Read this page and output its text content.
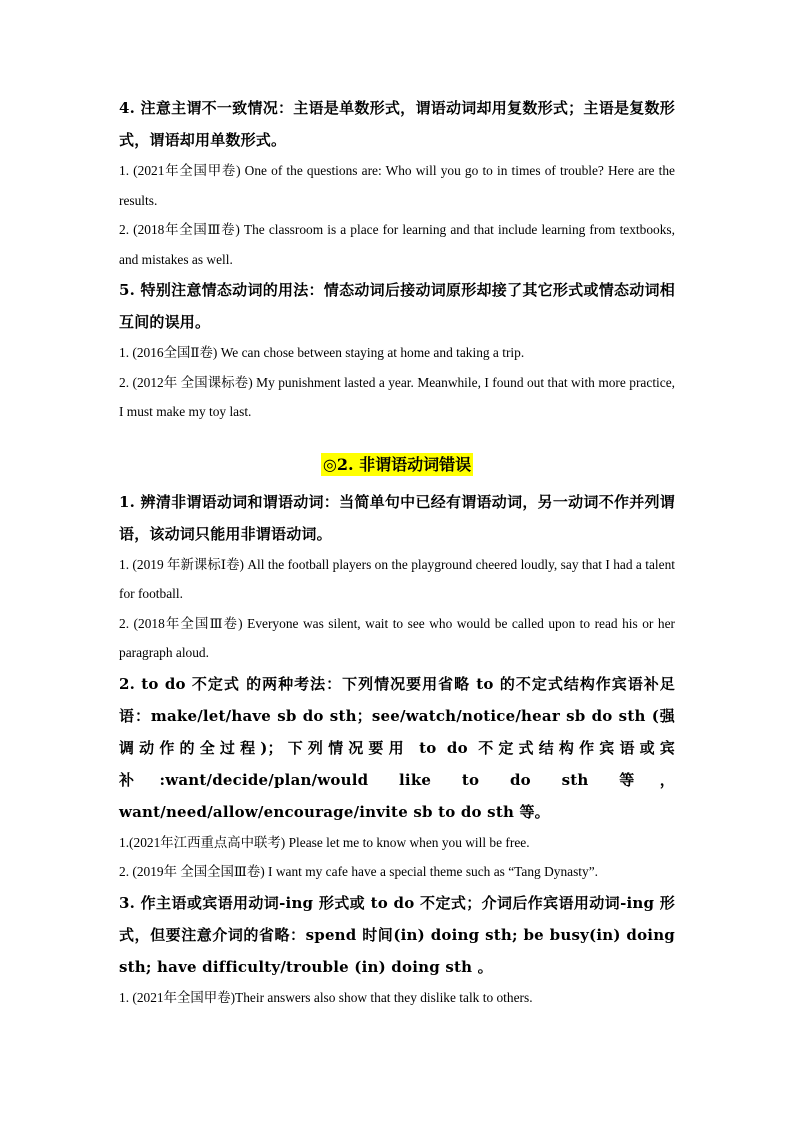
4. 注意主谓不一致情况：主语是单数形式，谓语动词却用复数形式；主语是复数形式，谓语却用单数形式。
1. (2021年全国甲卷) One of the questions are: Who will you go to in times of trouble? Here are the results.
2. (2018年全国Ⅲ卷) The classroom is a place for learning and that include learning from textbooks, and mistakes as well.
5. 特别注意情态动词的用法：情态动词后接动词原形却接了其它形式或情态动词相互间的误用。
1. (2016全国Ⅱ卷) We can chose between staying at home and taking a trip.
2. (2012年 全国课标卷) My punishment lasted a year. Meanwhile, I found out that with more practice, I must make my toy last.
◎2. 非谓语动词错误
1. 辨清非谓语动词和谓语动词：当简单句中已经有谓语动词，另一动词不作并列谓语，该动词只能用非谓语动词。
1. (2019 年新课标Ⅰ卷) All the football players on the playground cheered loudly, say that I had a talent for football.
2. (2018年全国Ⅲ卷) Everyone was silent, wait to see who would be called upon to read his or her paragraph aloud.
2. to do 不定式 的两种考法：下列情况要用省略 to 的不定式结构作宾语补足语：make/let/have sb do sth；see/watch/notice/hear sb do sth (强调动作的全过程)；下列情况要用 to do 不定式结构作宾语或宾补:want/decide/plan/would like to do sth 等，want/need/allow/encourage/invite sb to do sth 等。
1.(2021年江西重点高中联考) Please let me to know when you will be free.
2. (2019年 全国全国Ⅲ卷) I want my cafe have a special theme such as “Tang Dynasty”.
3. 作主语或宾语用动词-ing 形式或 to do 不定式；介词后作宾语用动词-ing 形式，但要注意介词的省略：spend 时间(in) doing sth; be busy(in) doing sth; have difficulty/trouble (in) doing sth 。
1. (2021年全国甲卷)Their answers also show that they dislike talk to others.
